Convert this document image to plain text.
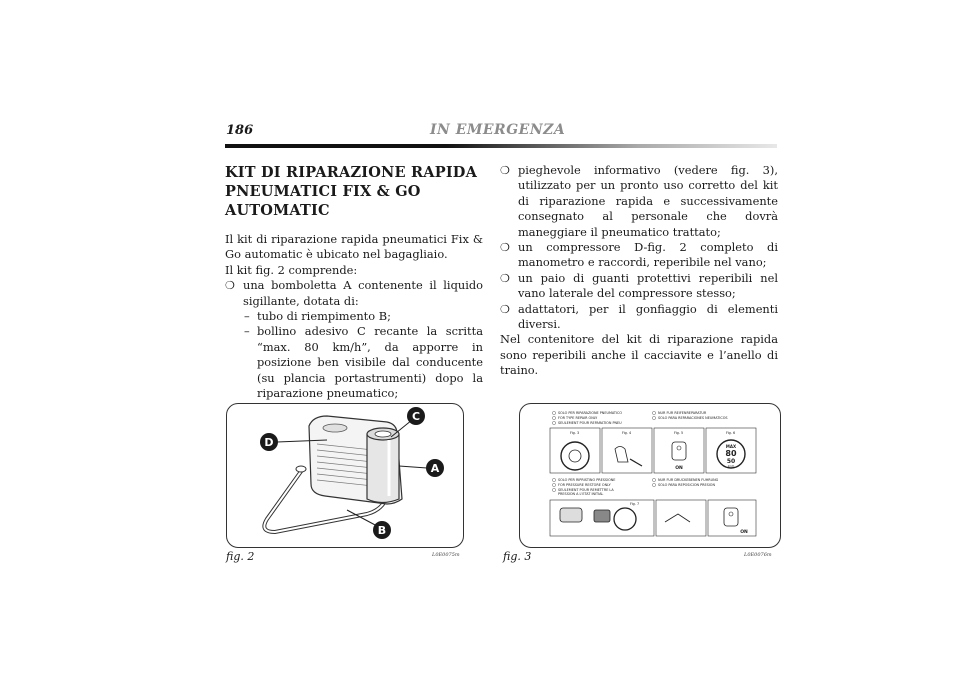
186	IN EMERGENZA
KIT DI RIPARAZIONE RAPIDA
PNEUMATICI FIX & GO AUTOMATIC

Il kit di riparazione rapida pneumatici Fix & Go automatic è ubicato nel bagagliaio.

Il kit fig. 2 comprende:

❍ una bomboletta A contenente il liquido sigillante, dotata di:
– tubo di riempimento B;
– bollino adesivo C recante la scritta “max. 80 km/h”, da apporre in posizione ben visibile dal conducente (su plancia portastrumenti) dopo la riparazione pneumatico;
❍ pieghevole informativo (vedere fig. 3), utilizzato per un pronto uso corretto del kit di riparazione rapida e successivamente consegnato al personale che dovrà maneggiare il pneumatico trattato;
❍ un compressore D-fig. 2 completo di manometro e raccordi, reperibile nel vano;
❍ un paio di guanti protettivi reperibili nel vano laterale del compressore stesso;
❍ adattatori, per il gonfiaggio di elementi diversi.

Nel contenitore del kit di riparazione rapida sono reperibili anche il cacciavite e l’anello di traino.

C
D
A
B
fig. 2	L0E0075m
SOLO PER RIPARAZIONE PNEUMATICO
FOR TYPE REPAIR ONLY
SEULEMENT POUR REPARATION PNEU
NUR FUR REIFENREPARATUR
SOLO PARA REPARACIONES NEUMATICOS
Fig. 3	Fig. 4	Fig. 5	Fig. 6
ON
MAX
80
50
km/h
SOLO PER RIPRISTINO PRESSIONE
FOR PRESSURE RESTORE ONLY
SEULEMENT POUR REMETTRE LA
PRESSION A L'ETAT INITIAL
NUR FUR DRUCKEBENEN FUHRUNG
SOLO PARA REPOSICION PRESION
Fig. 7
ON
fig. 3	L0E0076m
